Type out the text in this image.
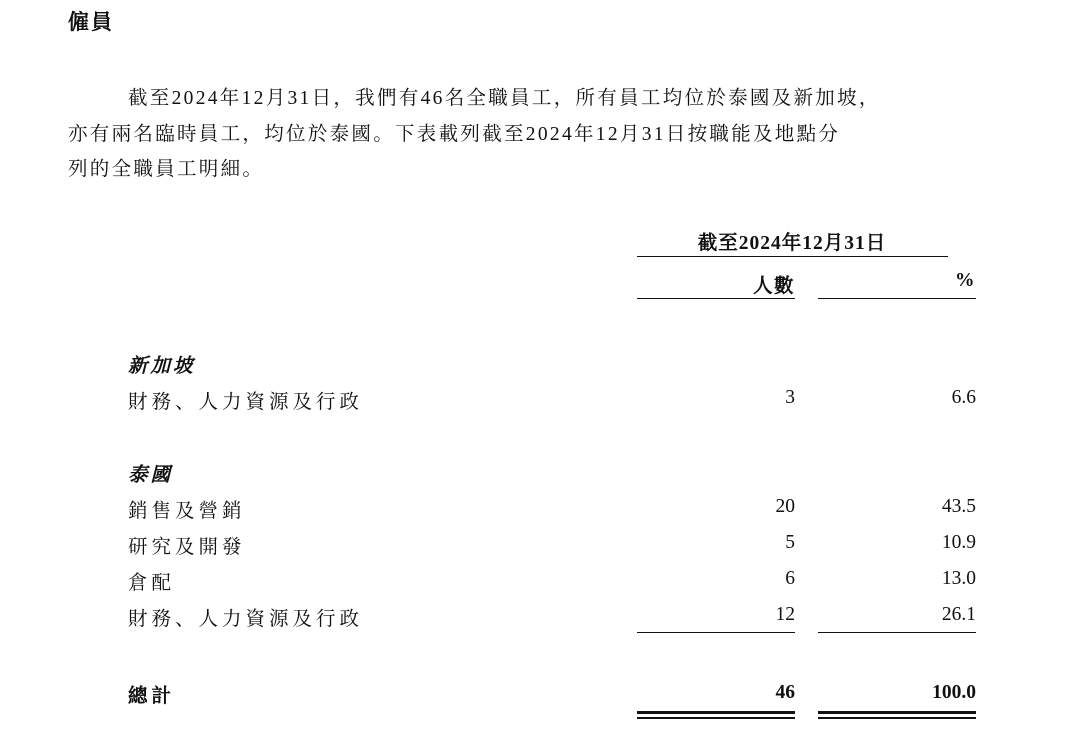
僱員
截至2024年12月31日，我們有46名全職員工，所有員工均位於泰國及新加坡，
亦有兩名臨時員工，均位於泰國。下表載列截至2024年12月31日按職能及地點分
列的全職員工明細。
截至2024年12月31日
人數	%
新加坡
財務、人力資源及行政	3	6.6
泰國
銷售及營銷	20	43.5
研究及開發	5	10.9
倉配	6	13.0
財務、人力資源及行政	12	26.1
總計	46	100.0
